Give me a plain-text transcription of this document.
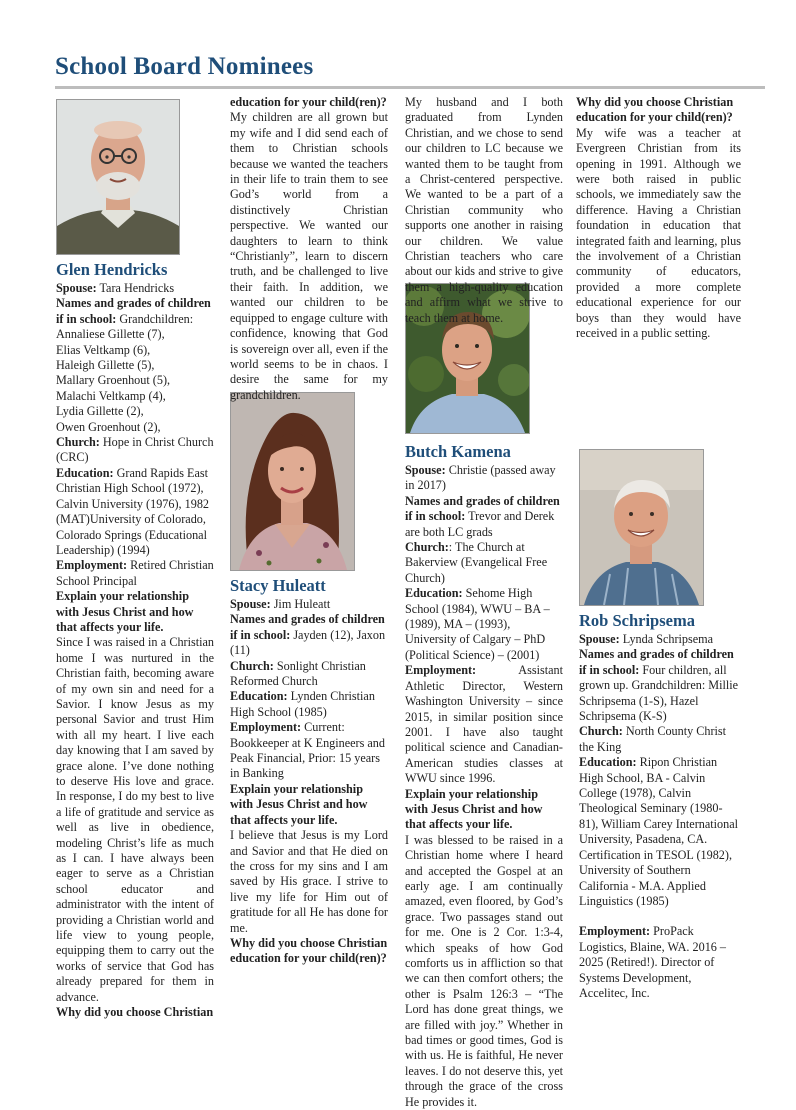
School Board Nominees
Glen Hendricks

Spouse: Tara Hendricks

Names and grades of children if in school: Grandchildren:

Annaliese Gillette (7),

Elias Veltkamp (6),

Haleigh Gillette (5),

Mallary Groenhout (5),

Malachi Veltkamp (4),

Lydia Gillette (2),

Owen Groenhout (2),

Church: Hope in Christ Church (CRC)

Education: Grand Rapids East Christian High School (1972), Calvin University (1976), 1982 (MAT)University of Colorado, Colorado Springs (Educational Leadership) (1994)

Employment: Retired Christian School Principal

Explain your relationship with Jesus Christ and how that affects your life.

Since I was raised in a Christian home I was nurtured in the Christian faith, becoming aware of my own sin and need for a Savior. I know Jesus as my personal Savior and trust Him with all my heart. I live each day knowing that I am saved by grace alone. I’ve done nothing to deserve His love and grace. In response, I do my best to live a life of gratitude and service as well as live in obedience, modeling Christ’s life as much as I can. I have always been eager to serve as a Christian school educator and administrator with the intent of providing a Christian world and life view to young people, equipping them to carry out the works of service that God has already prepared for them in advance.

Why did you choose Christian

education for your child(ren)?

My children are all grown but my wife and I did send each of them to Christian schools because we wanted the teachers in their life to train them to see God’s world from a distinctively Christian perspective. We wanted our daughters to learn to think “Christianly”, learn to discern truth, and be challenged to live their faith. In addition, we wanted our children to be equipped to engage culture with confidence, knowing that God is sovereign over all, even if the world seems to be in chaos. I desire the same for my grandchildren.

Stacy Huleatt

Spouse: Jim Huleatt

Names and grades of children if in school: Jayden (12), Jaxon (11)

Church: Sonlight Christian Reformed Church

Education: Lynden Christian High School (1985)

Employment: Current: Bookkeeper at K Engineers and Peak Financial, Prior: 15 years in Banking

Explain your relationship with Jesus Christ and how that affects your life.

I believe that Jesus is my Lord and Savior and that He died on the cross for my sins and I am saved by His grace. I strive to live my life for Him out of gratitude for all He has done for me.

Why did you choose Christian education for your child(ren)?

My husband and I both graduated from Lynden Christian, and we chose to send our children to LC because we wanted them to be taught from a Christ-centered perspective. We wanted to be a part of a Christian community who supports one another in raising our children. We value Christian teachers who care about our kids and strive to give them a high-quality education and affirm what we strive to teach them at home.

Butch Kamena

Spouse: Christie (passed away in 2017)

Names and grades of children if in school: Trevor and Derek are both LC grads

Church:: The Church at Bakerview (Evangelical Free Church)

Education: Sehome High School (1984), WWU – BA – (1989), MA – (1993), University of Calgary – PhD (Political Science) – (2001)

Employment:	Assistant Athletic Director, Western Washington University – since 2015, in similar position since 2001. I have also taught political science and Canadian-American studies classes at WWU since 1996.

Explain your relationship with Jesus Christ and how that affects your life.

I was blessed to be raised in a Christian home where I heard and accepted the Gospel at an early age. I am continually amazed, even floored, by God’s grace. Two passages stand out for me. One is 2 Cor. 1:3-4, which speaks of how God comforts us in affliction so that we can then comfort others; the other is Psalm 126:3 – “The Lord has done great things, we are filled with joy.” Whether in bad times or good times, God is with us. He is faithful, He never leaves. I do not deserve this, yet through the grace of the cross He provides it.

Why did you choose Christian education for your child(ren)?

My wife was a teacher at Evergreen Christian from its opening in 1991. Although we were both raised in public schools, we immediately saw the difference. Having a Christian foundation in education that integrated faith and learning, plus the involvement of a Christian community of educators, provided a more complete educational experience for our boys than they would have received in a public setting.

Rob Schripsema

Spouse: Lynda Schripsema

Names and grades of children if in school: Four children, all grown up. Grandchildren: Millie Schripsema (1-S), Hazel Schripsema (K-S)

Church: North County Christ the King

Education: Ripon Christian High School, BA - Calvin College (1978), Calvin Theological Seminary (1980-81), William Carey International University, Pasadena, CA. Certification in TESOL (1982), University of Southern California - M.A. Applied Linguistics (1985)

Employment: ProPack Logistics, Blaine, WA. 2016 – 2025 (Retired!). Director of Systems Development, Accelitec, Inc.
